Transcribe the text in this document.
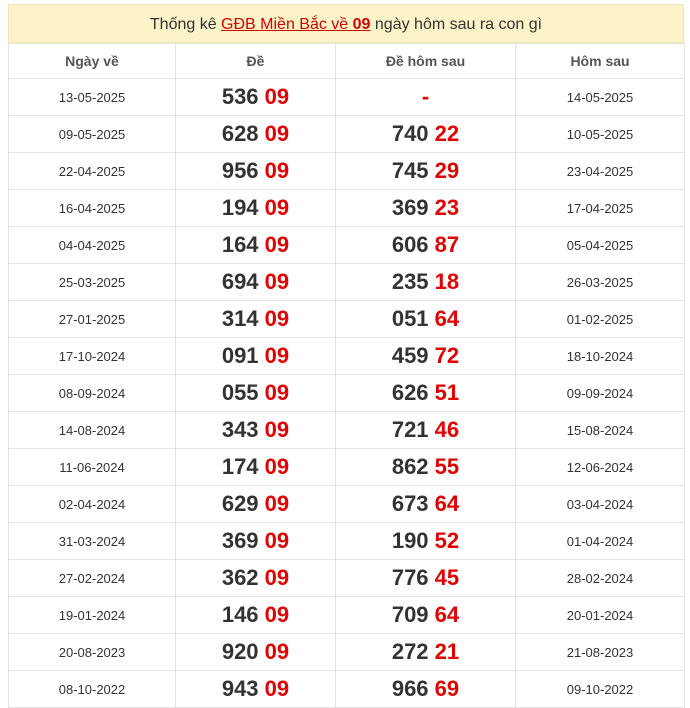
Thống kê GĐB Miền Bắc về 09 ngày hôm sau ra con gì
Ngày về	Đề	Đề hôm sau	Hôm sau
13-05-2025	536 09	-	14-05-2025
09-05-2025	628 09	740 22	10-05-2025
22-04-2025	956 09	745 29	23-04-2025
16-04-2025	194 09	369 23	17-04-2025
04-04-2025	164 09	606 87	05-04-2025
25-03-2025	694 09	235 18	26-03-2025
27-01-2025	314 09	051 64	01-02-2025
17-10-2024	091 09	459 72	18-10-2024
08-09-2024	055 09	626 51	09-09-2024
14-08-2024	343 09	721 46	15-08-2024
11-06-2024	174 09	862 55	12-06-2024
02-04-2024	629 09	673 64	03-04-2024
31-03-2024	369 09	190 52	01-04-2024
27-02-2024	362 09	776 45	28-02-2024
19-01-2024	146 09	709 64	20-01-2024
20-08-2023	920 09	272 21	21-08-2023
08-10-2022	943 09	966 69	09-10-2022
